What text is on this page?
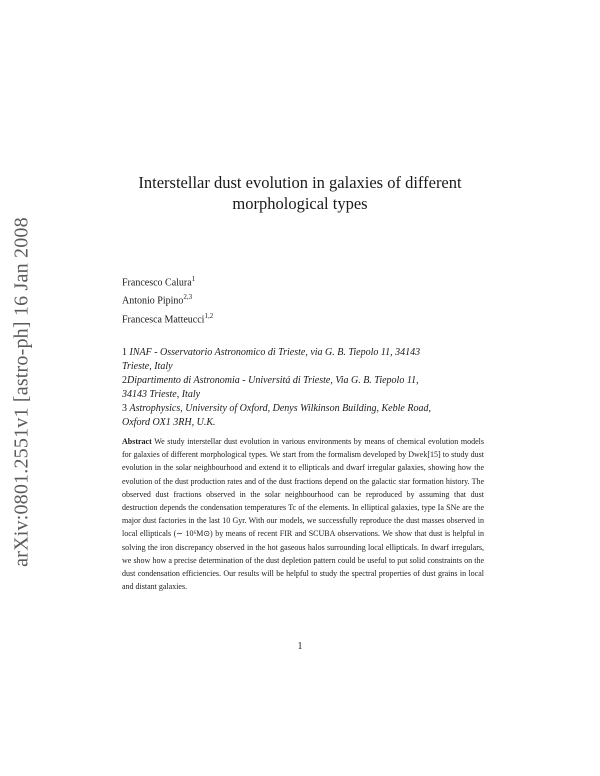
arXiv:0801.2551v1 [astro-ph] 16 Jan 2008
Interstellar dust evolution in galaxies of different
morphological types
Francesco Calura$^1$
Antonio Pipino$^{2,3}$
Francesca Matteucci$^{1,2}$
1 INAF - Osservatorio Astronomico di Trieste, via G. B. Tiepolo 11, 34143
Trieste, Italy
2Dipartimento di Astronomia - Universitá di Trieste, Via G. B. Tiepolo 11,
34143 Trieste, Italy
3 Astrophysics, University of Oxford, Denys Wilkinson Building, Keble Road,
Oxford OX1 3RH, U.K.
Abstract We study interstellar dust evolution in various environments by means of chemical evolution models for galaxies of different morphological types. We start from the formalism developed by Dwek[15] to study dust evolution in the solar neighbourhood and extend it to ellipticals and dwarf irregular galaxies, showing how the evolution of the dust production rates and of the dust fractions depend on the galactic star formation history. The observed dust fractions observed in the solar neighbourhood can be reproduced by assuming that dust destruction depends the condensation temperatures Tc of the elements. In elliptical galaxies, type Ia SNe are the major dust factories in the last 10 Gyr. With our models, we successfully reproduce the dust masses observed in local ellipticals (∼ 10⁶M⊙) by means of recent FIR and SCUBA observations. We show that dust is helpful in solving the iron discrepancy observed in the hot gaseous halos surrounding local ellipticals. In dwarf irregulars, we show how a precise determination of the dust depletion pattern could be useful to put solid constraints on the dust condensation efficiencies. Our results will be helpful to study the spectral properties of dust grains in local and distant galaxies.
1
